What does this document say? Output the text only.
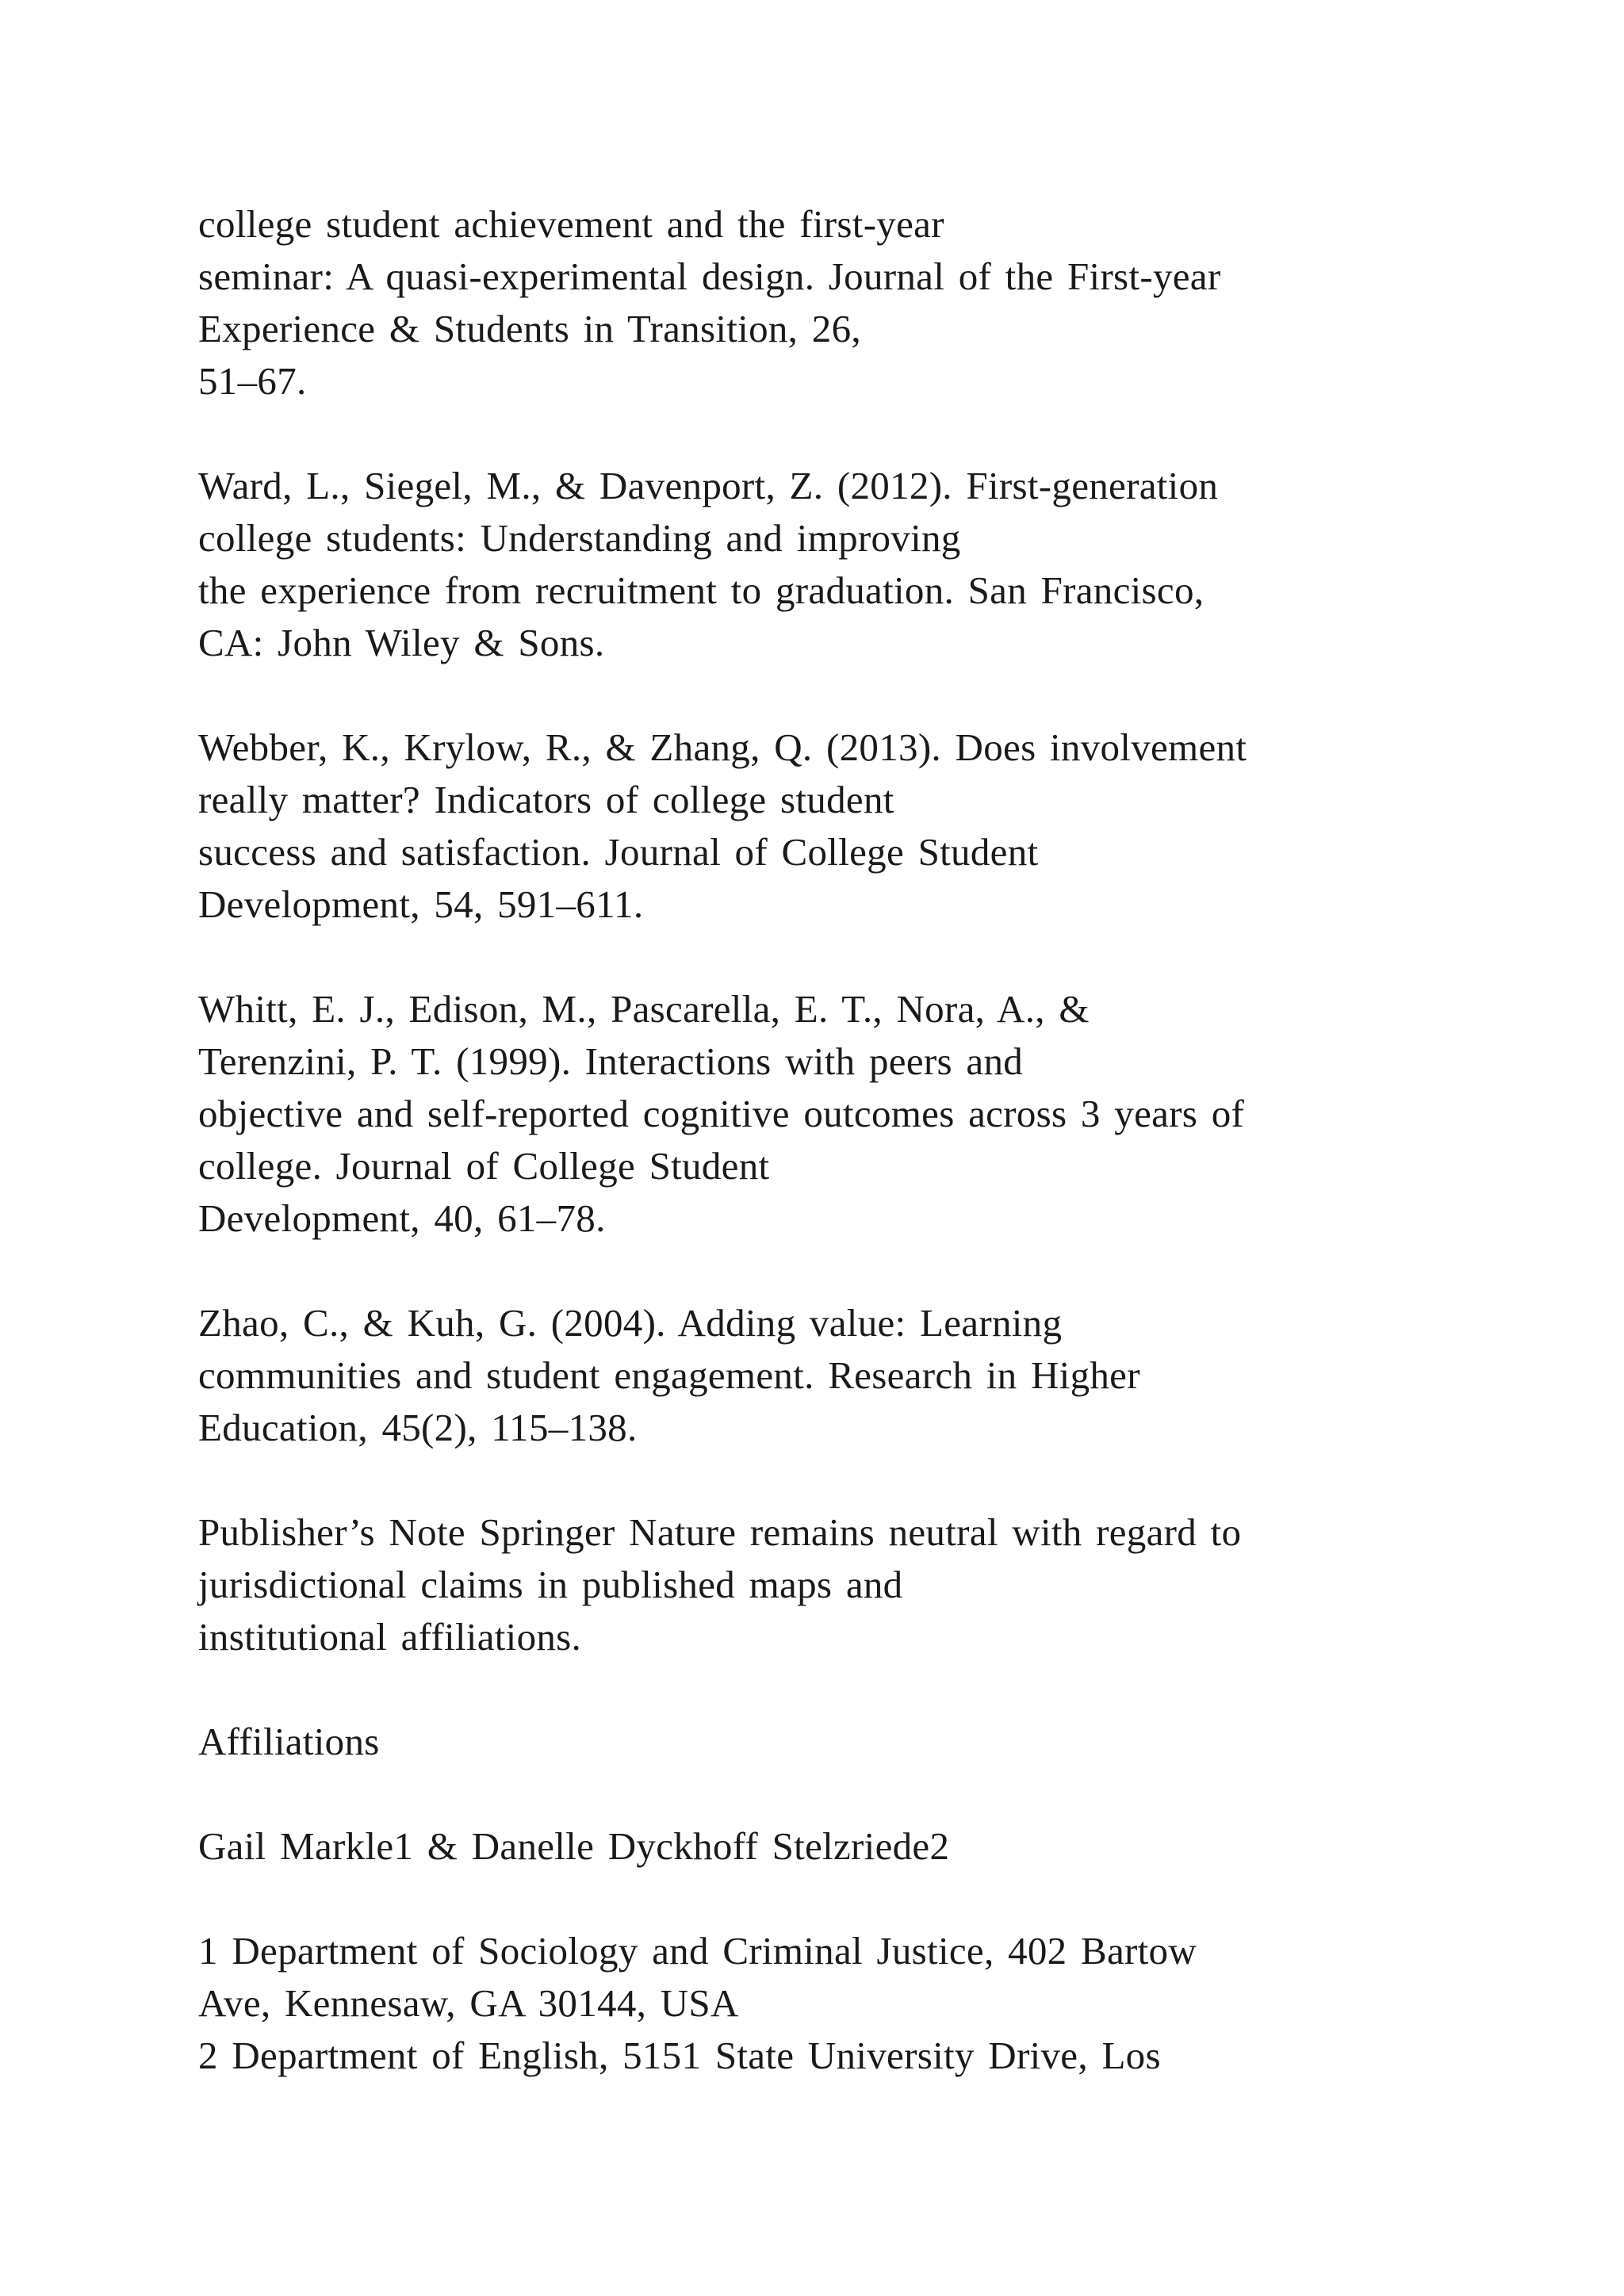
college student achievement and the first-year
seminar: A quasi-experimental design. Journal of the First-year
Experience & Students in Transition, 26,
51–67.

Ward, L., Siegel, M., & Davenport, Z. (2012). First-generation
college students: Understanding and improving
the experience from recruitment to graduation. San Francisco,
CA: John Wiley & Sons.

Webber, K., Krylow, R., & Zhang, Q. (2013). Does involvement
really matter? Indicators of college student
success and satisfaction. Journal of College Student
Development, 54, 591–611.

Whitt, E. J., Edison, M., Pascarella, E. T., Nora, A., &
Terenzini, P. T. (1999). Interactions with peers and
objective and self-reported cognitive outcomes across 3 years of
college. Journal of College Student
Development, 40, 61–78.

Zhao, C., & Kuh, G. (2004). Adding value: Learning
communities and student engagement. Research in Higher
Education, 45(2), 115–138.

Publisher’s Note Springer Nature remains neutral with regard to
jurisdictional claims in published maps and
institutional affiliations.

Affiliations

Gail Markle1 & Danelle Dyckhoff Stelzriede2

1 Department of Sociology and Criminal Justice, 402 Bartow
Ave, Kennesaw, GA 30144, USA
2 Department of English, 5151 State University Drive, Los
